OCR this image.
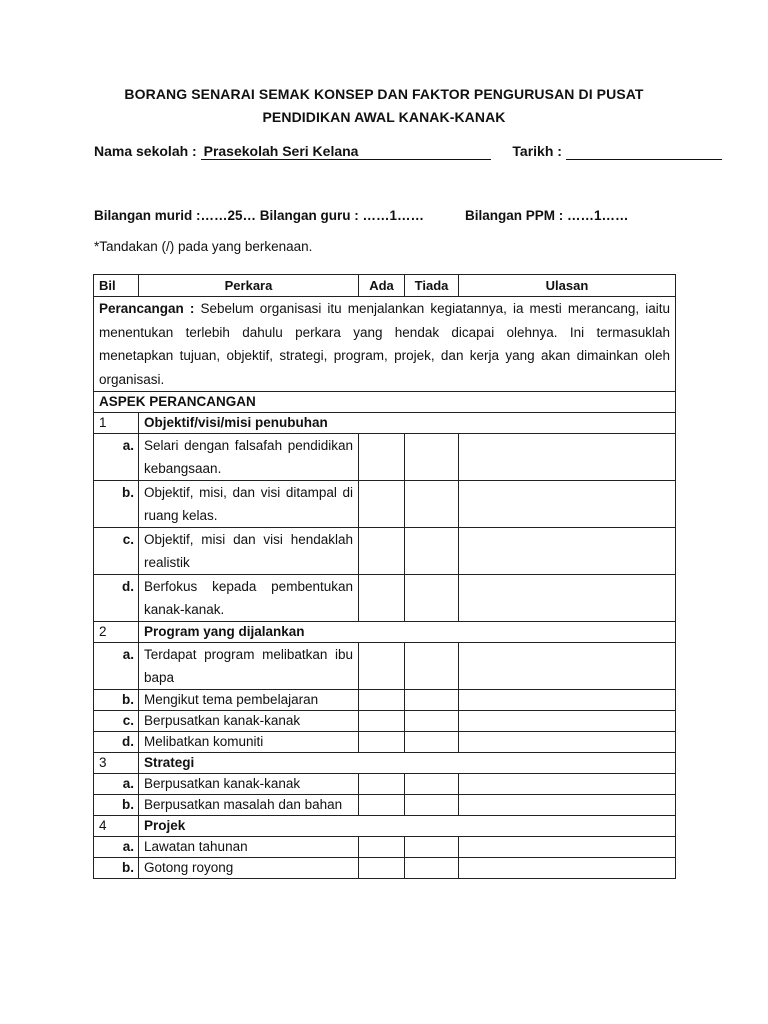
BORANG SENARAI SEMAK KONSEP DAN FAKTOR PENGURUSAN DI PUSAT
PENDIDIKAN AWAL KANAK-KANAK
Nama sekolah : Prasekolah Seri Kelana	Tarikh :
Bilangan murid :……25… Bilangan guru : ……1……	Bilangan PPM : ……1……
*Tandakan (/) pada yang berkenaan.
Bil	Perkara	Ada	Tiada	Ulasan
Perancangan : Sebelum organisasi itu menjalankan kegiatannya, ia mesti merancang, iaitu menentukan terlebih dahulu perkara yang hendak dicapai olehnya. Ini termasuklah menetapkan tujuan, objektif, strategi, program, projek, dan kerja yang akan dimainkan oleh organisasi.				
ASPEK PERANCANGAN				
1	Objektif/visi/misi penubuhan			
a.	Selari dengan falsafah pendidikan kebangsaan.			
b.	Objektif, misi, dan visi ditampal di ruang kelas.			
c.	Objektif, misi dan visi hendaklah realistik			
d.	Berfokus kepada pembentukan kanak-kanak.			
2	Program yang dijalankan			
a.	Terdapat program melibatkan ibu bapa			
b.	Mengikut tema pembelajaran			
c.	Berpusatkan kanak-kanak			
d.	Melibatkan komuniti			
3	Strategi			
a.	Berpusatkan kanak-kanak			
b.	Berpusatkan masalah dan bahan			
4	Projek			
a.	Lawatan tahunan			
b.	Gotong royong			
